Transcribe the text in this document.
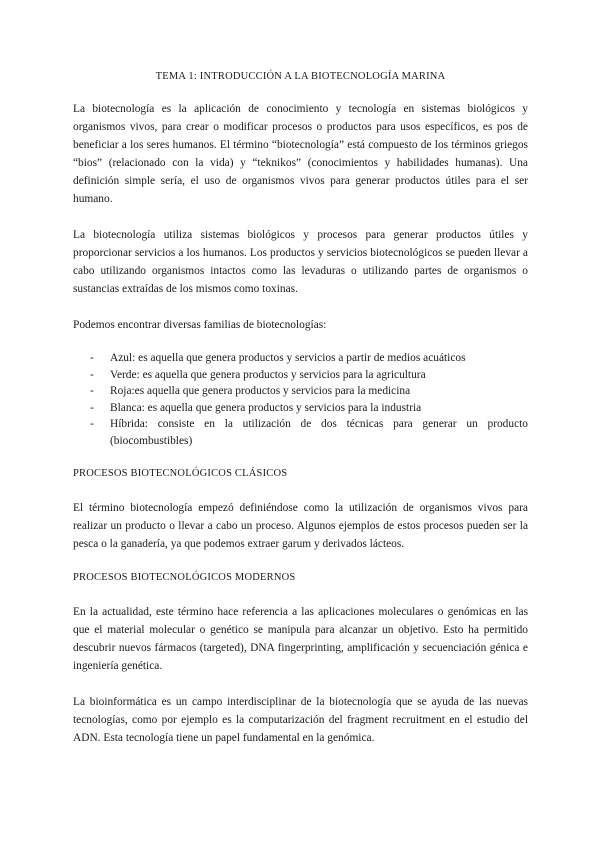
TEMA 1: INTRODUCCIÓN A LA BIOTECNOLOGÍA MARINA

La biotecnología es la aplicación de conocimiento y tecnología en sistemas biológicos y organismos vivos, para crear o modificar procesos o productos para usos específicos, es pos de beneficiar a los seres humanos. El término “biotecnología” está compuesto de los términos griegos “bios” (relacionado con la vida) y “teknikos” (conocimientos y habilidades humanas). Una definición simple sería, el uso de organismos vivos para generar productos útiles para el ser humano.

La biotecnología utiliza sistemas biológicos y procesos para generar productos útiles y proporcionar servicios a los humanos. Los productos y servicios biotecnológicos se pueden llevar a cabo utilizando organismos intactos como las levaduras o utilizando partes de organismos o sustancias extraídas de los mismos como toxinas.

Podemos encontrar diversas familias de biotecnologías:

- Azul: es aquella que genera productos y servicios a partir de medios acuáticos
- Verde: es aquella que genera productos y servicios para la agricultura
- Roja:es aquella que genera productos y servicios para la medicina
- Blanca: es aquella que genera productos y servicios para la industria
- Híbrida: consiste en la utilización de dos técnicas para generar un producto (biocombustibles)
PROCESOS BIOTECNOLÓGICOS CLÁSICOS

El término biotecnología empezó definiéndose como la utilización de organismos vivos para realizar un producto o llevar a cabo un proceso. Algunos ejemplos de estos procesos pueden ser la pesca o la ganadería, ya que podemos extraer garum y derivados lácteos.

PROCESOS BIOTECNOLÓGICOS MODERNOS

En la actualidad, este término hace referencia a las aplicaciones moleculares o genómicas en las que el material molecular o genético se manipula para alcanzar un objetivo. Esto ha permitido descubrir nuevos fármacos (targeted), DNA fingerprinting, amplificación y secuenciación génica e ingeniería genética.

La bioinformática es un campo interdisciplinar de la biotecnología que se ayuda de las nuevas tecnologías, como por ejemplo es la computarización del fragment recruitment en el estudio del ADN. Esta tecnología tiene un papel fundamental en la genómica.
